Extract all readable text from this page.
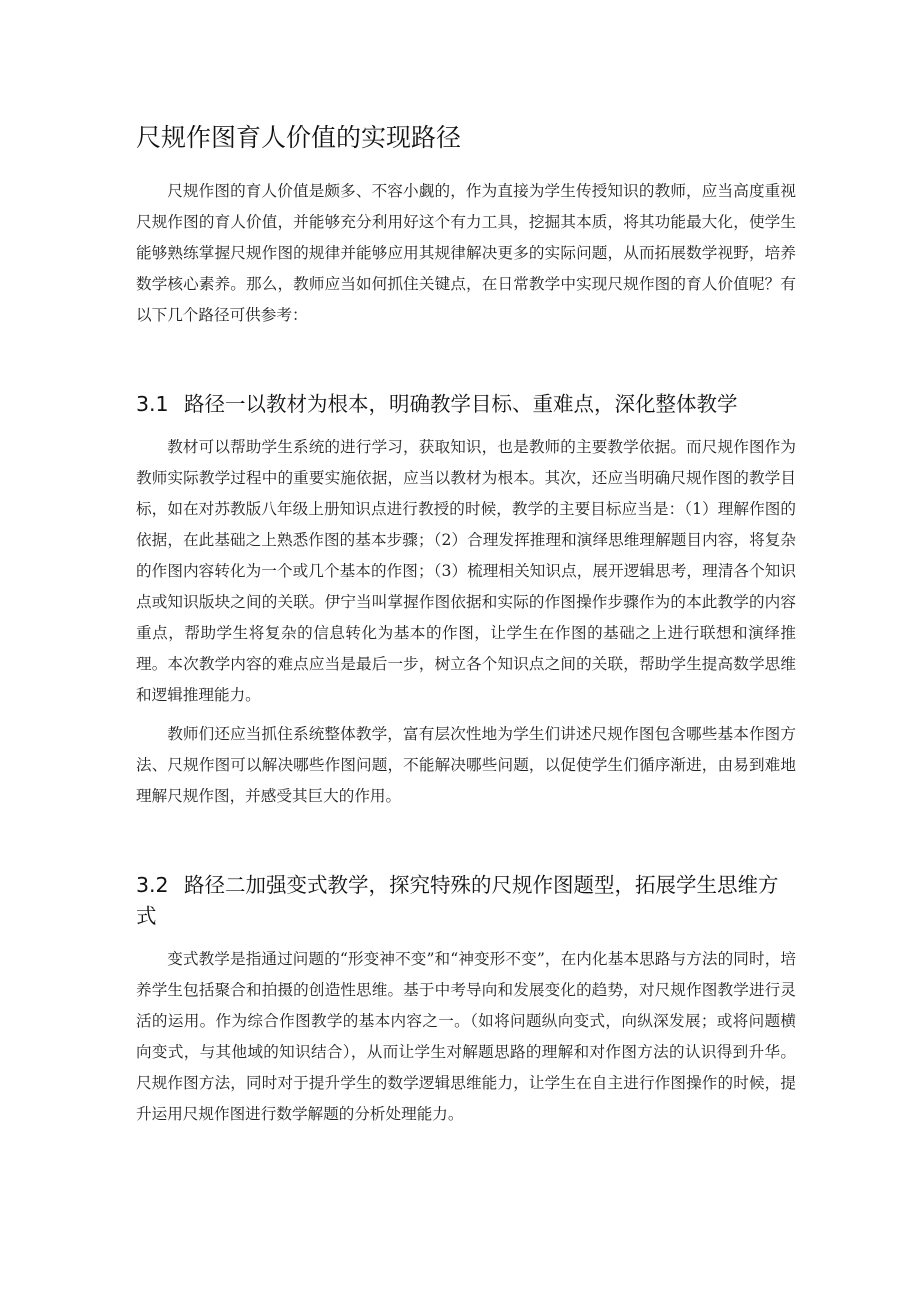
尺规作图育人价值的实现路径

尺规作图的育人价值是颇多、不容小觑的，作为直接为学生传授知识的教师，应当高度重视尺规作图的育人价值，并能够充分利用好这个有力工具，挖掘其本质，将其功能最大化，使学生能够熟练掌握尺规作图的规律并能够应用其规律解决更多的实际问题，从而拓展数学视野，培养数学核心素养。那么，教师应当如何抓住关键点，在日常教学中实现尺规作图的育人价值呢？有以下几个路径可供参考：

3.1 路径一以教材为根本，明确教学目标、重难点，深化整体教学

教材可以帮助学生系统的进行学习，获取知识，也是教师的主要教学依据。而尺规作图作为教师实际教学过程中的重要实施依据，应当以教材为根本。其次，还应当明确尺规作图的教学目标，如在对苏教版八年级上册知识点进行教授的时候，教学的主要目标应当是：（1）理解作图的依据，在此基础之上熟悉作图的基本步骤；（2）合理发挥推理和演绎思维理解题目内容，将复杂的作图内容转化为一个或几个基本的作图；（3）梳理相关知识点，展开逻辑思考，理清各个知识点或知识版块之间的关联。伊宁当叫掌握作图依据和实际的作图操作步骤作为的本此教学的内容重点，帮助学生将复杂的信息转化为基本的作图，让学生在作图的基础之上进行联想和演绎推理。本次教学内容的难点应当是最后一步，树立各个知识点之间的关联，帮助学生提高数学思维和逻辑推理能力。

教师们还应当抓住系统整体教学，富有层次性地为学生们讲述尺规作图包含哪些基本作图方法、尺规作图可以解决哪些作图问题，不能解决哪些问题，以促使学生们循序渐进，由易到难地理解尺规作图，并感受其巨大的作用。

3.2 路径二加强变式教学，探究特殊的尺规作图题型，拓展学生思维方式

变式教学是指通过问题的“形变神不变”和“神变形不变”，在内化基本思路与方法的同时，培养学生包括聚合和拍摄的创造性思维。基于中考导向和发展变化的趋势，对尺规作图教学进行灵活的运用。作为综合作图教学的基本内容之一。（如将问题纵向变式，向纵深发展；或将问题横向变式，与其他域的知识结合），从而让学生对解题思路的理解和对作图方法的认识得到升华。尺规作图方法，同时对于提升学生的数学逻辑思维能力，让学生在自主进行作图操作的时候，提升运用尺规作图进行数学解题的分析处理能力。
